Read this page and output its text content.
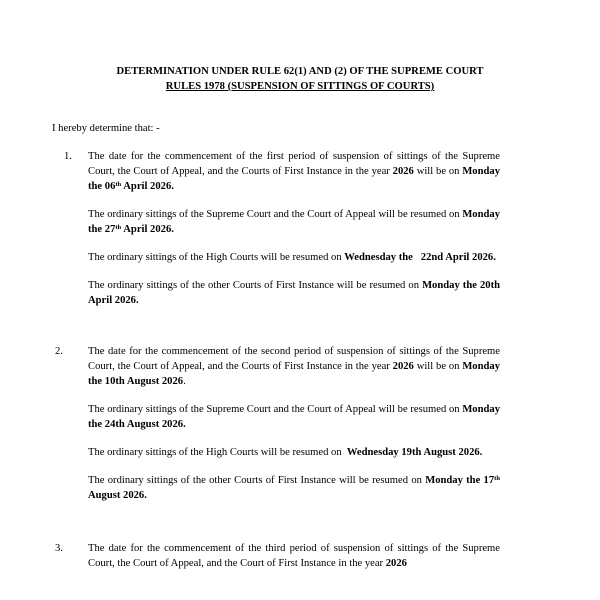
DETERMINATION UNDER RULE 62(1) AND (2) OF THE SUPREME COURT
RULES 1978 (SUSPENSION OF SITTINGS OF COURTS)
I hereby determine that: -
1. The date for the commencement of the first period of suspension of sittings of the Supreme Court, the Court of Appeal, and the Courts of First Instance in the year 2026 will be on Monday the 06th April 2026.

The ordinary sittings of the Supreme Court and the Court of Appeal will be resumed on Monday the 27th April 2026.

The ordinary sittings of the High Courts will be resumed on Wednesday the   22nd April 2026.

The ordinary sittings of the other Courts of First Instance will be resumed on Monday the 20th April 2026.

2. The date for the commencement of the second period of suspension of sittings of the Supreme Court, the Court of Appeal, and the Courts of First Instance in the year 2026 will be on Monday the 10th August 2026.

The ordinary sittings of the Supreme Court and the Court of Appeal will be resumed on Monday the 24th August 2026.

The ordinary sittings of the High Courts will be resumed on  Wednesday 19th August 2026.

The ordinary sittings of the other Courts of First Instance will be resumed on Monday the 17th August 2026.

3. The date for the commencement of the third period of suspension of sittings of the Supreme Court, the Court of Appeal, and the Court of First Instance in the year 2026
